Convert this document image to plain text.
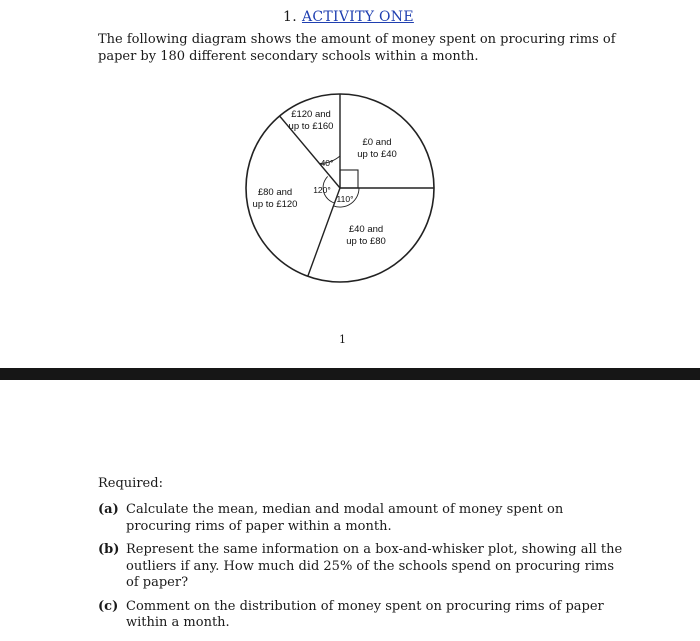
1. ACTIVITY ONE
The following diagram shows the amount of money spent on procuring rims of paper by 180 different secondary schools within a month.
£0 and
up to £40
£40 and
up to £80
£80 and
up to £120
£120 and
up to £160
40°
120°
110°
1
Required:
(a) Calculate the mean, median and modal amount of money spent on procuring rims of paper within a month.
(b) Represent the same information on a box-and-whisker plot, showing all the outliers if any. How much did 25% of the schools spend on procuring rims of paper?
(c) Comment on the distribution of money spent on procuring rims of paper within a month.
